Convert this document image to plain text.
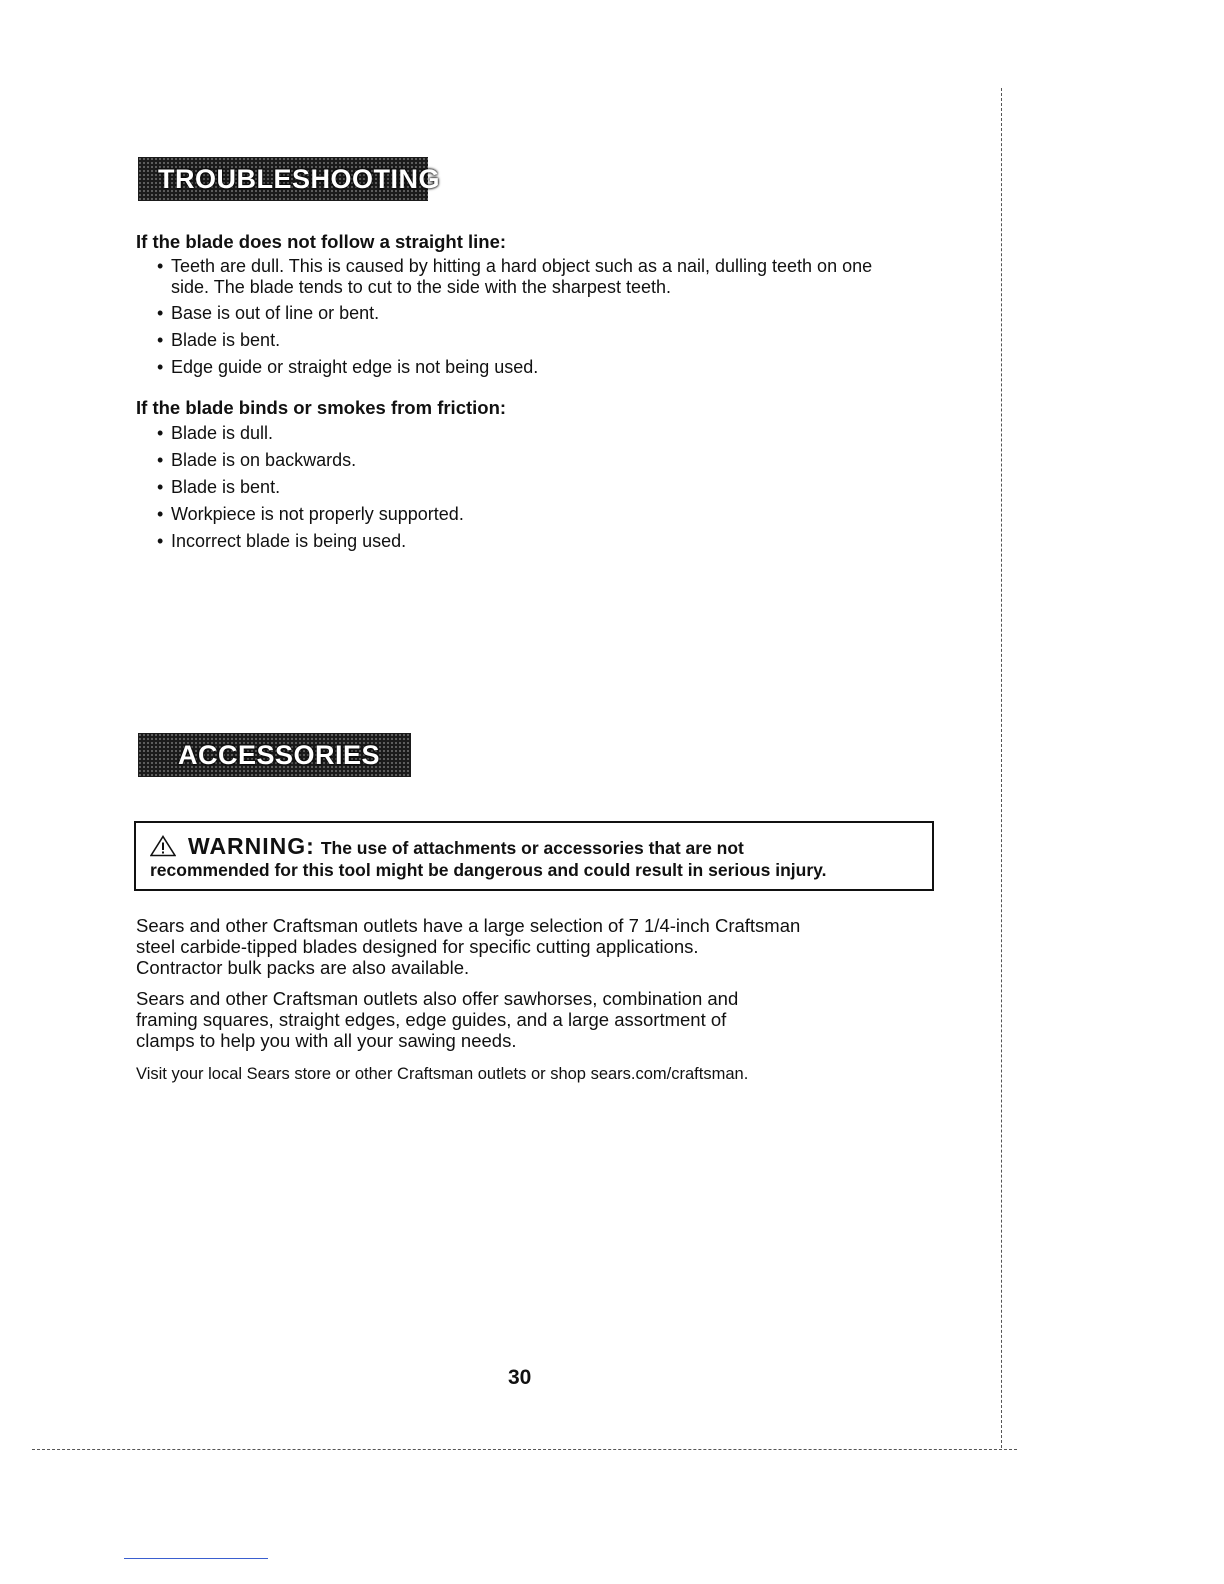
TROUBLESHOOTING
If the blade does not follow a straight line:
• Teeth are dull. This is caused by hitting a hard object such as a nail, dulling teeth on one side. The blade tends to cut to the side with the sharpest teeth.
• Base is out of line or bent.
• Blade is bent.
• Edge guide or straight edge is not being used.
If the blade binds or smokes from friction:
• Blade is dull.
• Blade is on backwards.
• Blade is bent.
• Workpiece is not properly supported.
• Incorrect blade is being used.
ACCESSORIES
WARNING: The use of attachments or accessories that are not
recommended for this tool might be dangerous and could result in serious injury.
Sears and other Craftsman outlets have a large selection of 7 1/4-inch Craftsman
steel carbide-tipped blades designed for specific cutting applications.
Contractor bulk packs are also available.
Sears and other Craftsman outlets also offer sawhorses, combination and
framing squares, straight edges, edge guides, and a large assortment of
clamps to help you with all your sawing needs.

Visit your local Sears store or other Craftsman outlets or shop sears.com/craftsman.

30
